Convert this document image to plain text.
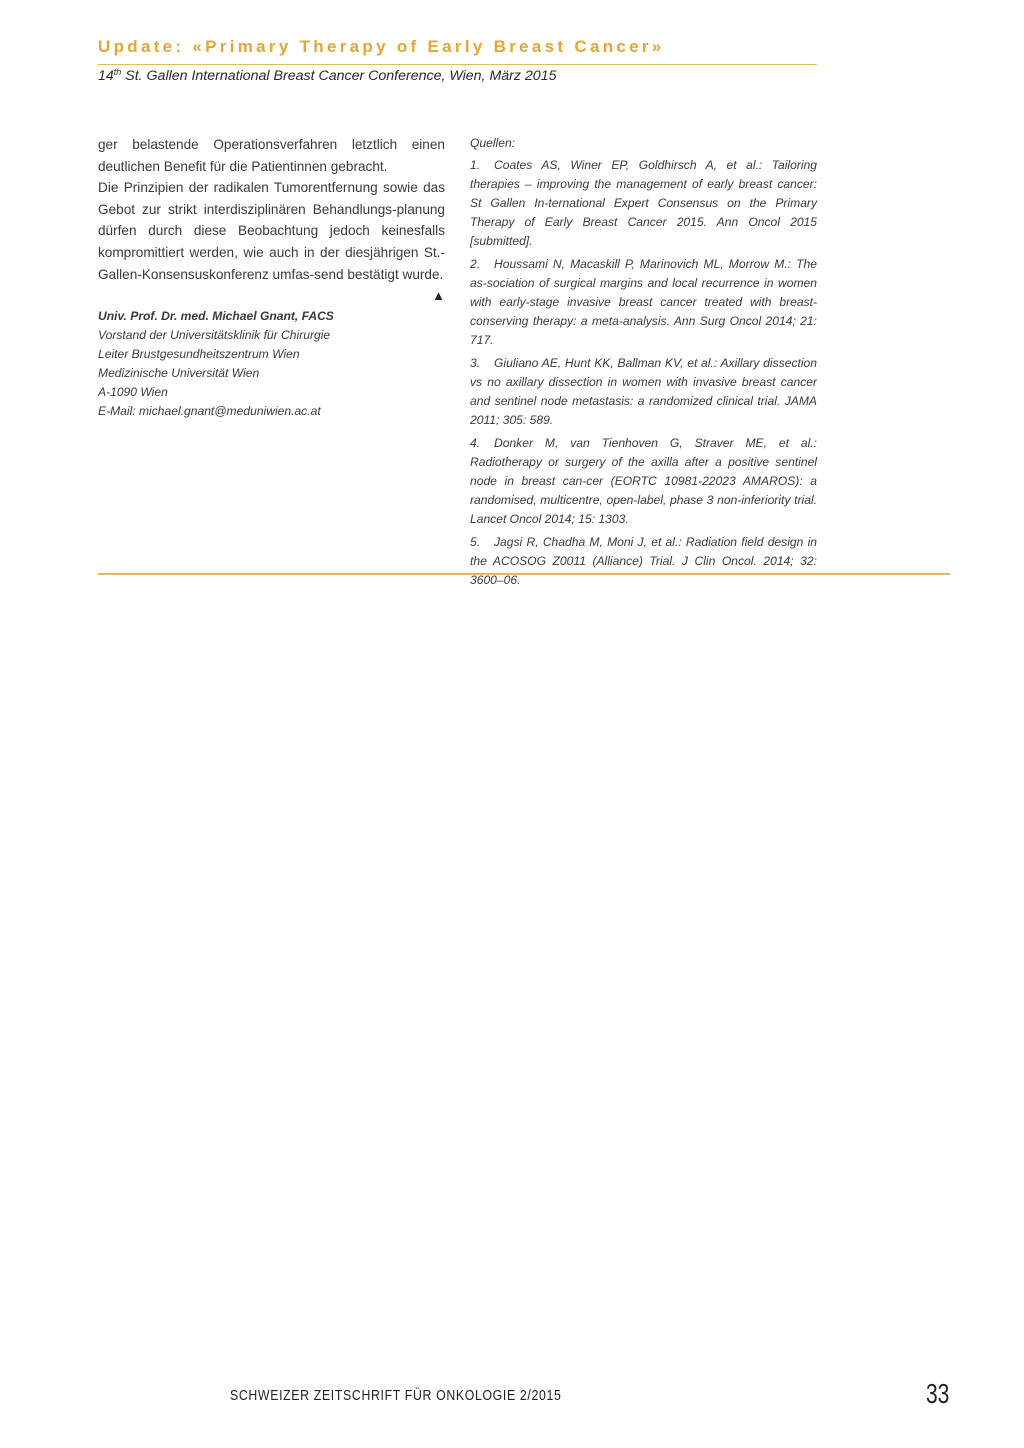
Update: «Primary Therapy of Early Breast Cancer»
14th St. Gallen International Breast Cancer Conference, Wien, März 2015

ger belastende Operationsverfahren letztlich einen deutlichen Benefit für die Patientinnen gebracht.

Die Prinzipien der radikalen Tumorentfernung sowie das Gebot zur strikt interdisziplinären Behandlungs-planung dürfen durch diese Beobachtung jedoch keinesfalls kompromittiert werden, wie auch in der diesjährigen St.-Gallen-Konsensuskonferenz umfas-send bestätigt wurde.
▲

Univ. Prof. Dr. med. Michael Gnant, FACS
Vorstand der Universitätsklinik für Chirurgie
Leiter Brustgesundheitszentrum Wien
Medizinische Universität Wien
A-1090 Wien
E-Mail: michael.gnant@meduniwien.ac.at

Quellen:

1. Coates AS, Winer EP, Goldhirsch A, et al.: Tailoring therapies – improving the management of early breast cancer: St Gallen In-ternational Expert Consensus on the Primary Therapy of Early Breast Cancer 2015. Ann Oncol 2015 [submitted].

2. Houssami N, Macaskill P, Marinovich ML, Morrow M.: The as-sociation of surgical margins and local recurrence in women with early-stage invasive breast cancer treated with breast-conserving therapy: a meta-analysis. Ann Surg Oncol 2014; 21: 717.

3. Giuliano AE, Hunt KK, Ballman KV, et al.: Axillary dissection vs no axillary dissection in women with invasive breast cancer and sentinel node metastasis: a randomized clinical trial. JAMA 2011; 305: 589.

4. Donker M, van Tienhoven G, Straver ME, et al.: Radiotherapy or surgery of the axilla after a positive sentinel node in breast can-cer (EORTC 10981-22023 AMAROS): a randomised, multicentre, open-label, phase 3 non-inferiority trial. Lancet Oncol 2014; 15: 1303.

5. Jagsi R, Chadha M, Moni J, et al.: Radiation field design in the ACOSOG Z0011 (Alliance) Trial. J Clin Oncol. 2014; 32: 3600–06.

SCHWEIZER ZEITSCHRIFT FÜR ONKOLOGIE 2/2015	33
